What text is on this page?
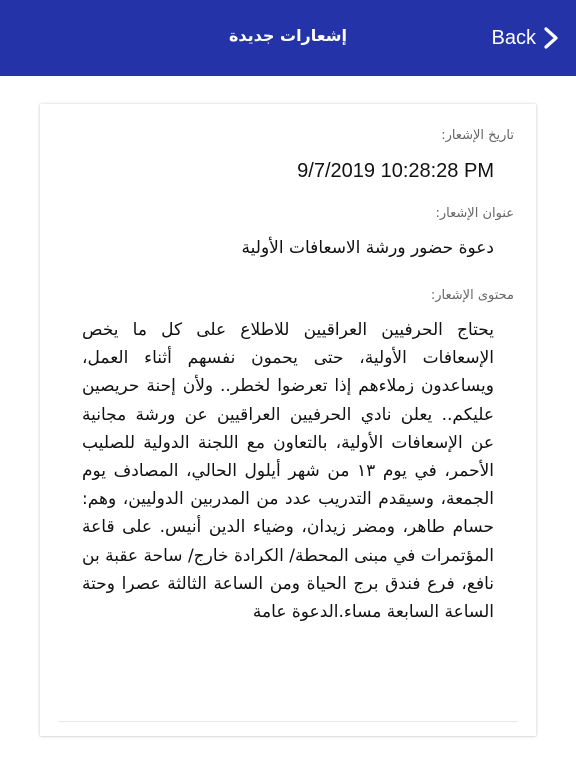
Back
إشعارات جديدة
تاريخ الإشعار:
9/7/2019 10:28:28 PM
عنوان الإشعار:
دعوة حضور ورشة الاسعافات الأولية
محتوى الإشعار:
يحتاج الحرفيين العراقيين للاطلاع على كل ما يخص الإسعافات الأولية، حتى يحمون نفسهم أثناء العمل، ويساعدون زملاءهم إذا تعرضوا لخطر.. ولأن إحنة حريصين عليكم.. يعلن نادي الحرفيين العراقيين عن ورشة مجانية عن الإسعافات الأولية، بالتعاون مع اللجنة الدولية للصليب الأحمر، في يوم ١٣ من شهر أيلول الحالي، المصادف يوم الجمعة، وسيقدم التدريب عدد من المدربين الدوليين، وهم: حسام طاهر، ومضر زيدان، وضياء الدين أنيس. على قاعة المؤتمرات في مبنى المحطة/ الكرادة خارج/ ساحة عقبة بن نافع، فرع فندق برج الحياة ومن الساعة الثالثة عصرا وحتة الساعة السابعة مساء.الدعوة عامة
